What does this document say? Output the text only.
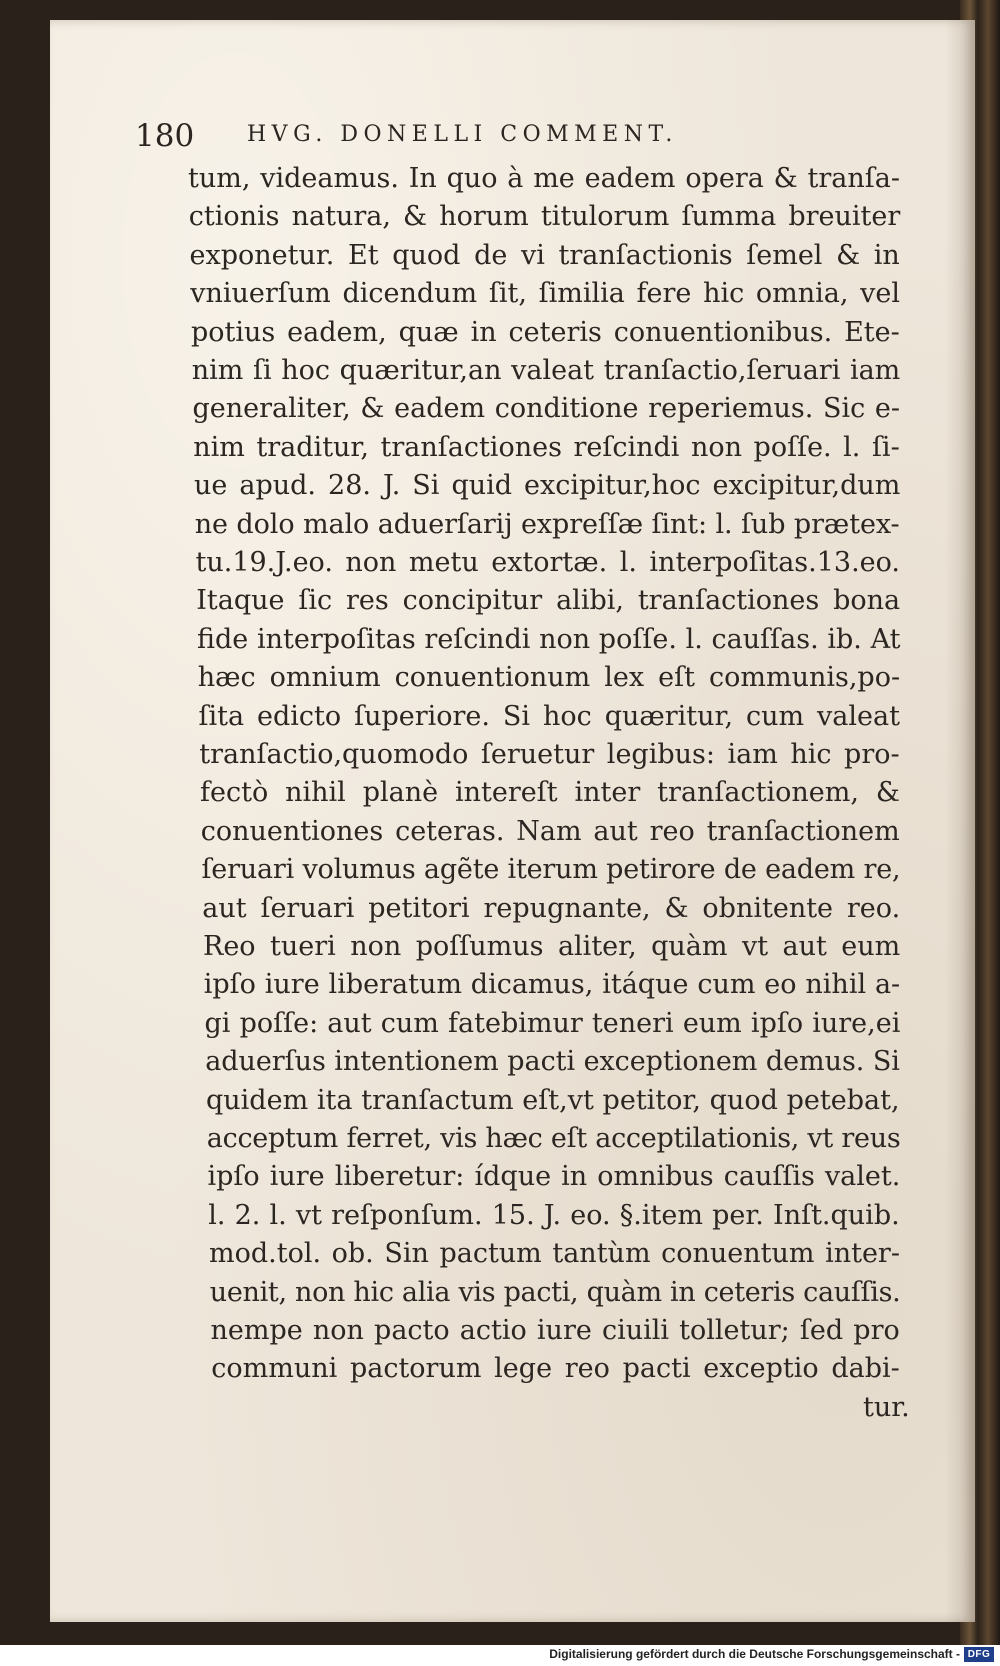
180 HVG. DONELLI COMMENT.
tum, videamus. In quo à me eadem opera & tranſa-
ctionis natura, & horum titulorum ſumma breuiter
exponetur. Et quod de vi tranſactionis ſemel & in
vniuerſum dicendum ſit, ſimilia fere hic omnia, vel
potius eadem, quæ in ceteris conuentionibus. Ete-
nim ſi hoc quæritur,an valeat tranſactio,ſeruari iam
generaliter, & eadem conditione reperiemus. Sic e-
nim traditur, tranſactiones reſcindi non poſſe. l. ſi-
ue apud. 28. J. Si quid excipitur,hoc excipitur,dum
ne dolo malo aduerſarij expreſſæ ſint: l. ſub prætex-
tu.19.J.eo. non metu extortæ. l. interpoſitas.13.eo.
Itaque ſic res concipitur alibi, tranſactiones bona
fide interpoſitas reſcindi non poſſe. l. cauſſas. ib. At
hæc omnium conuentionum lex eſt communis,po-
ſita edicto ſuperiore. Si hoc quæritur, cum valeat
tranſactio,quomodo ſeruetur legibus: iam hic pro-
fectò nihil planè intereſt inter tranſactionem, &
conuentiones ceteras. Nam aut reo tranſactionem
ſeruari volumus agẽte iterum petirore de eadem re,
aut ſeruari petitori repugnante, & obnitente reo.
Reo tueri non poſſumus aliter, quàm vt aut eum
ipſo iure liberatum dicamus, itáque cum eo nihil a-
gi poſſe: aut cum fatebimur teneri eum ipſo iure,ei
aduerſus intentionem pacti exceptionem demus. Si
quidem ita tranſactum eſt,vt petitor, quod petebat,
acceptum ferret, vis hæc eſt acceptilationis, vt reus
ipſo iure liberetur: ídque in omnibus cauſſis valet.
l. 2. l. vt reſponſum. 15. J. eo. §.item per. Inſt.quib.
mod.tol. ob. Sin pactum tantùm conuentum inter-
uenit, non hic alia vis pacti, quàm in ceteris cauſſis.
nempe non pacto actio iure ciuili tolletur; ſed pro
communi pactorum lege reo pacti exceptio dabi-
tur.
Digitalisierung gefördert durch die Deutsche Forschungsgemeinschaft - DFG
